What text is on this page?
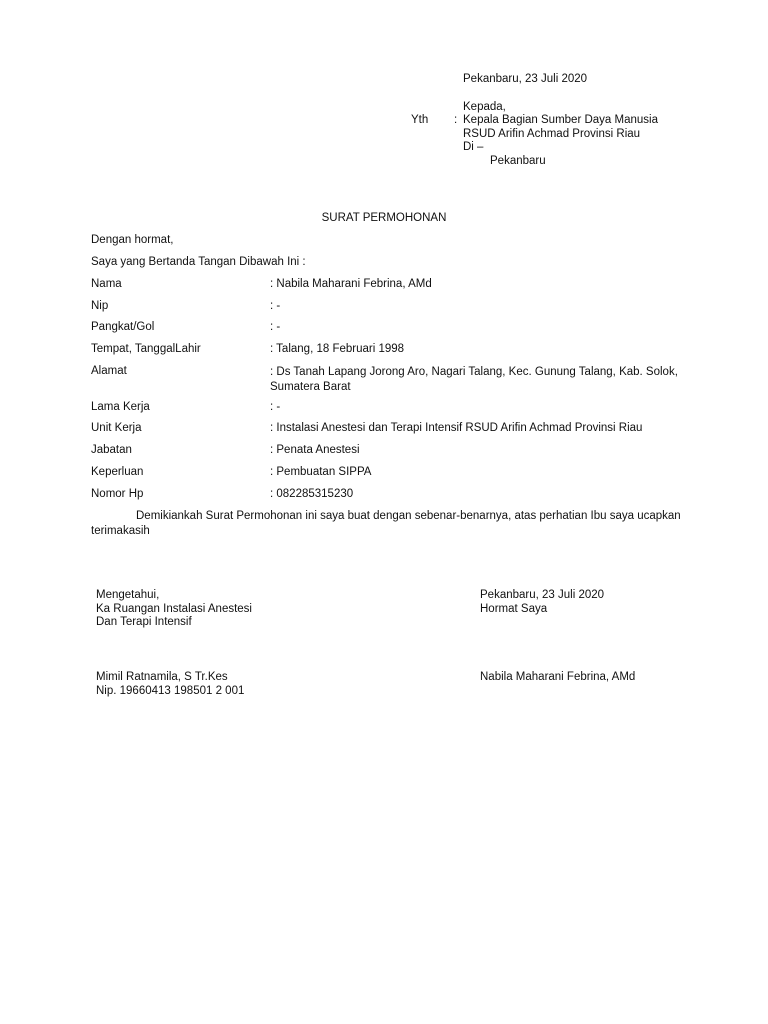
Pekanbaru, 23 Juli 2020
Kepada,
Yth : Kepala Bagian Sumber Daya Manusia
RSUD Arifin Achmad Provinsi Riau
Di –
Pekanbaru
SURAT PERMOHONAN
Dengan hormat,
Saya yang Bertanda Tangan Dibawah Ini :
Nama	: Nabila Maharani Febrina, AMd
Nip	: -
Pangkat/Gol	: -
Tempat, TanggalLahir	: Talang, 18 Februari 1998
Alamat	: Ds Tanah Lapang Jorong Aro, Nagari Talang, Kec. Gunung Talang, Kab. Solok, Sumatera Barat
Lama Kerja	: -
Unit Kerja	: Instalasi Anestesi dan Terapi Intensif RSUD Arifin Achmad Provinsi Riau
Jabatan	: Penata Anestesi
Keperluan	: Pembuatan SIPPA
Nomor Hp	: 082285315230
Demikiankah Surat Permohonan ini saya buat dengan sebenar-benarnya, atas perhatian Ibu saya ucapkan terimakasih
Mengetahui,
Ka Ruangan Instalasi Anestesi
Dan Terapi Intensif
Mimil Ratnamila, S Tr.Kes
Nip. 19660413 198501 2 001
Pekanbaru, 23 Juli 2020
Hormat Saya
Nabila Maharani Febrina, AMd
